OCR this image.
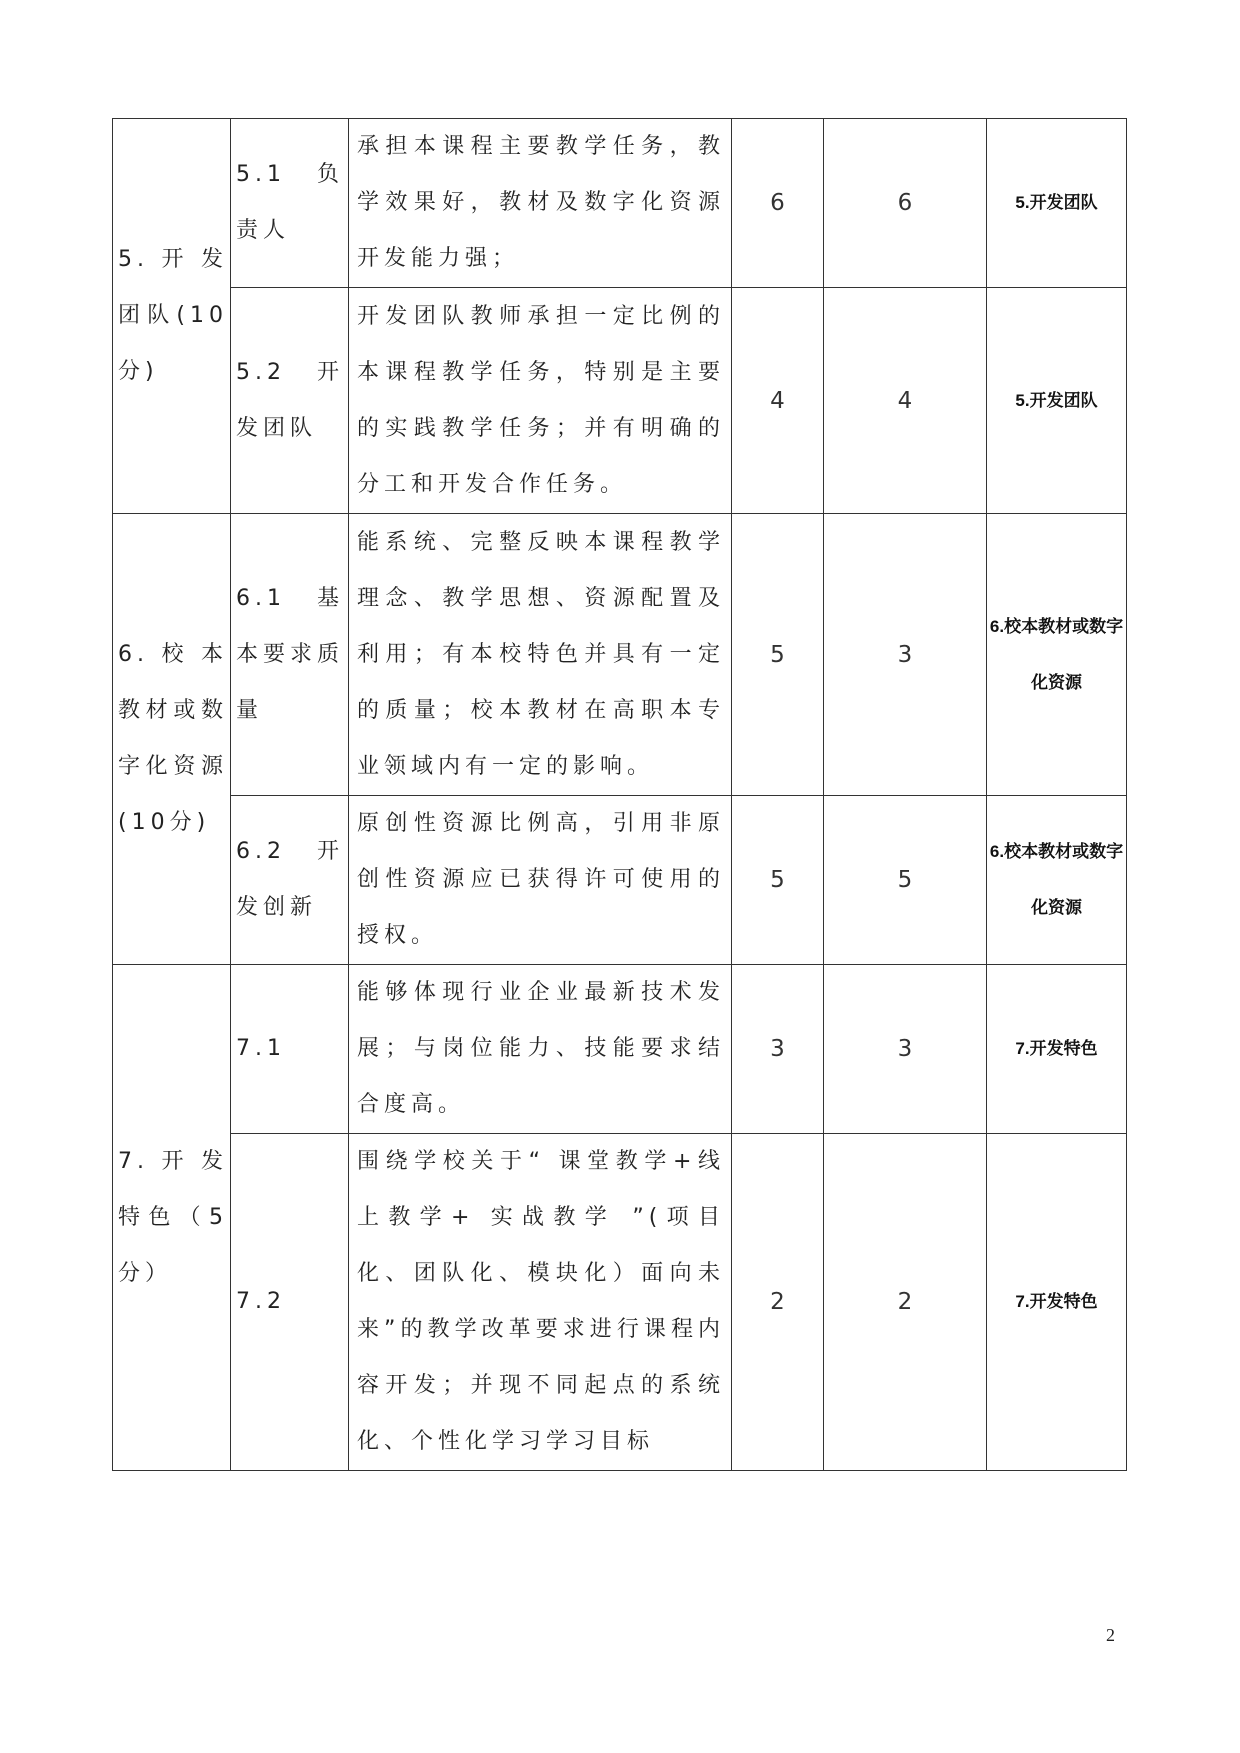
5.开发团队(10分)	5.1 负责人	承担本课程主要教学任务，教学效果好，教材及数字化资源开发能力强；	6	6	5.开发团队

	5.2 开发团队	开发团队教师承担一定比例的本课程教学任务，特别是主要的实践教学任务；并有明确的分工和开发合作任务。	4	4	5.开发团队

6.校本教材或数字化资源(10分)	6.1 基本要求质量	能系统、完整反映本课程教学理念、教学思想、资源配置及利用；有本校特色并具有一定的质量；校本教材在高职本专业领域内有一定的影响。	5	3	6.校本教材或数字化资源

	6.2 开发创新	原创性资源比例高，引用非原创性资源应已获得许可使用的授权。	5	5	6.校本教材或数字化资源

7.开发特色（5分）	7.1	能够体现行业企业最新技术发展；与岗位能力、技能要求结合度高。	3	3	7.开发特色

	7.2	围绕学校关于“ 课堂教学+线上教学+ 实战教学 ”(项目化、团队化、模块化）面向未来”的教学改革要求进行课程内容开发；并现不同起点的系统化、个性化学习学习目标	2	2	7.开发特色
2
